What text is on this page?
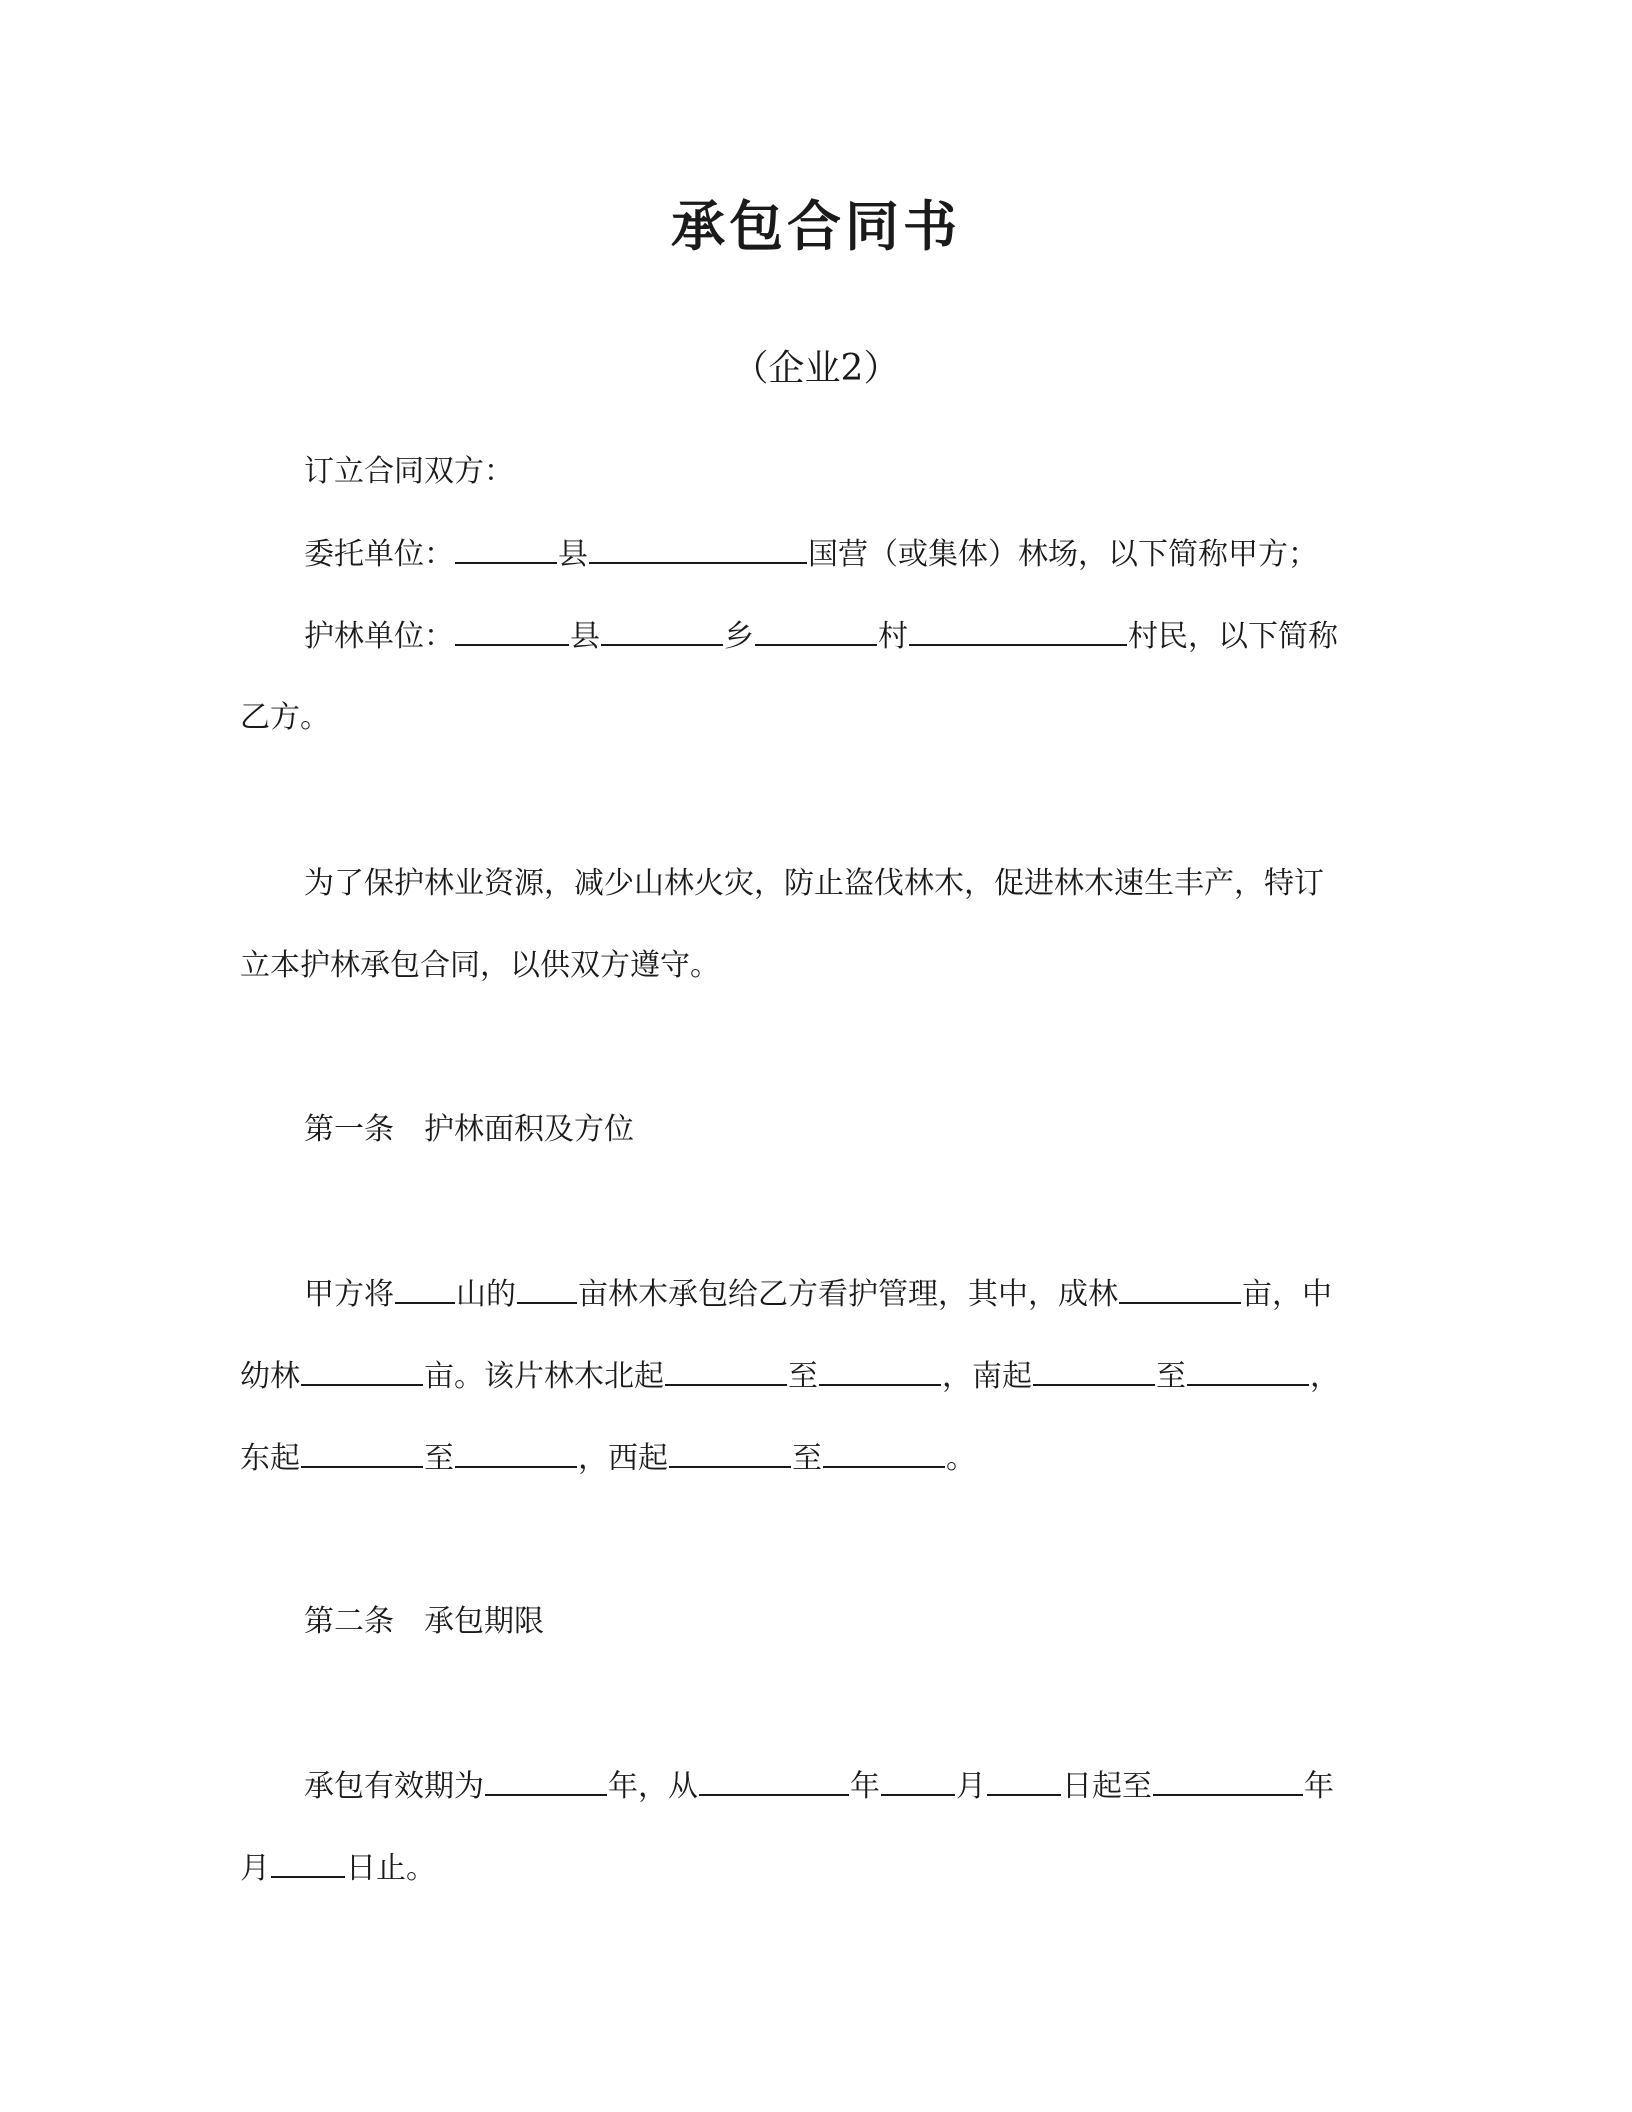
承包合同书

（企业2）

订立合同双方：

委托单位：	县	国营（或集体）林场，以下简称甲方；

护林单位：	县	乡	村	村民，以下简称

乙方。

为了保护林业资源，减少山林火灾，防止盗伐林木，促进林木速生丰产，特订

立本护林承包合同，以供双方遵守。

第一条 护林面积及方位

甲方将 山的 亩林木承包给乙方看护管理，其中，成林	亩，中

幼林	亩。该片林木北起	至	，南起	至	，

东起	至	，西起	至	。

第二条 承包期限

承包有效期为	年，从	年	月	日起至	年

月	日止。
